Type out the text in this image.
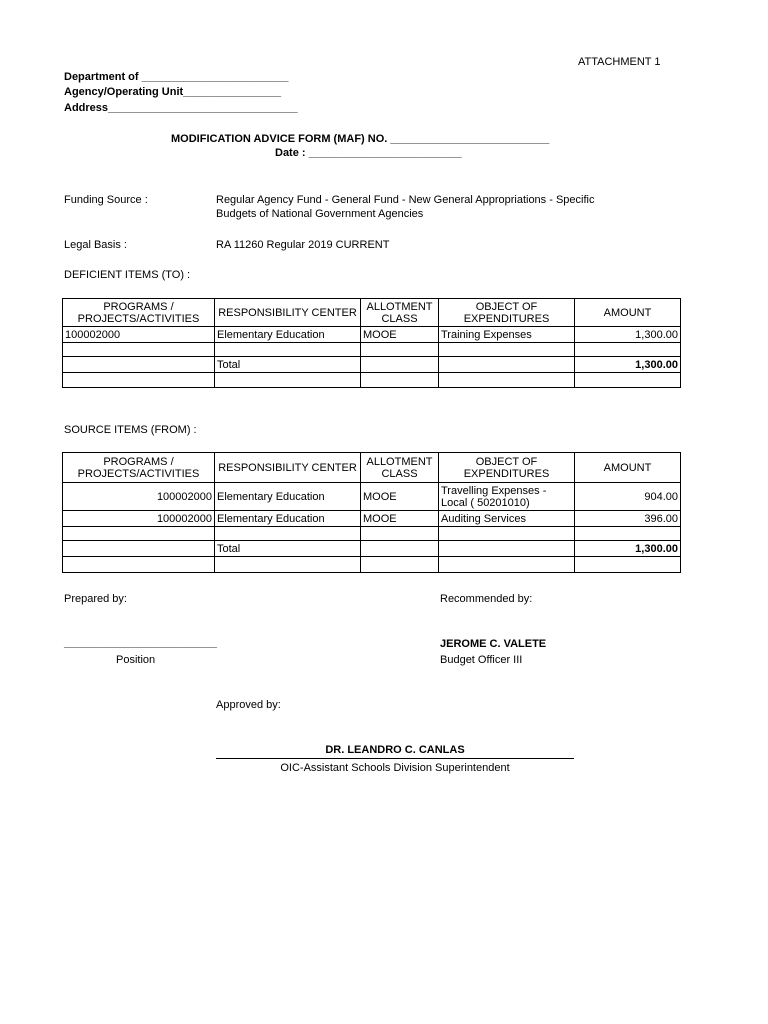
ATTACHMENT 1
Department of ________________________
Agency/Operating Unit________________
Address_______________________________
MODIFICATION ADVICE FORM (MAF) NO. __________________________
Date : _________________________
Funding Source :	Regular Agency Fund - General Fund - New General Appropriations - Specific
Budgets of National Government Agencies
Legal Basis :	RA 11260 Regular 2019 CURRENT
DEFICIENT ITEMS (TO) :
PROGRAMS /
PROJECTS/ACTIVITIES	RESPONSIBILITY CENTER	ALLOTMENT
CLASS	OBJECT OF
EXPENDITURES	AMOUNT
100002000	Elementary Education	MOOE	Training Expenses	1,300.00

	Total			1,300.00

SOURCE ITEMS (FROM) :
PROGRAMS /
PROJECTS/ACTIVITIES	RESPONSIBILITY CENTER	ALLOTMENT
CLASS	OBJECT OF
EXPENDITURES	AMOUNT
100002000	Elementary Education	MOOE	Travelling Expenses -
Local ( 50201010)	904.00
100002000	Elementary Education	MOOE	Auditing Services	396.00

	Total			1,300.00

Prepared by:	Recommended by:
_________________________
Position
JEROME C. VALETE
Budget Officer III
Approved by:
DR. LEANDRO C. CANLAS
OIC-Assistant Schools Division Superintendent
